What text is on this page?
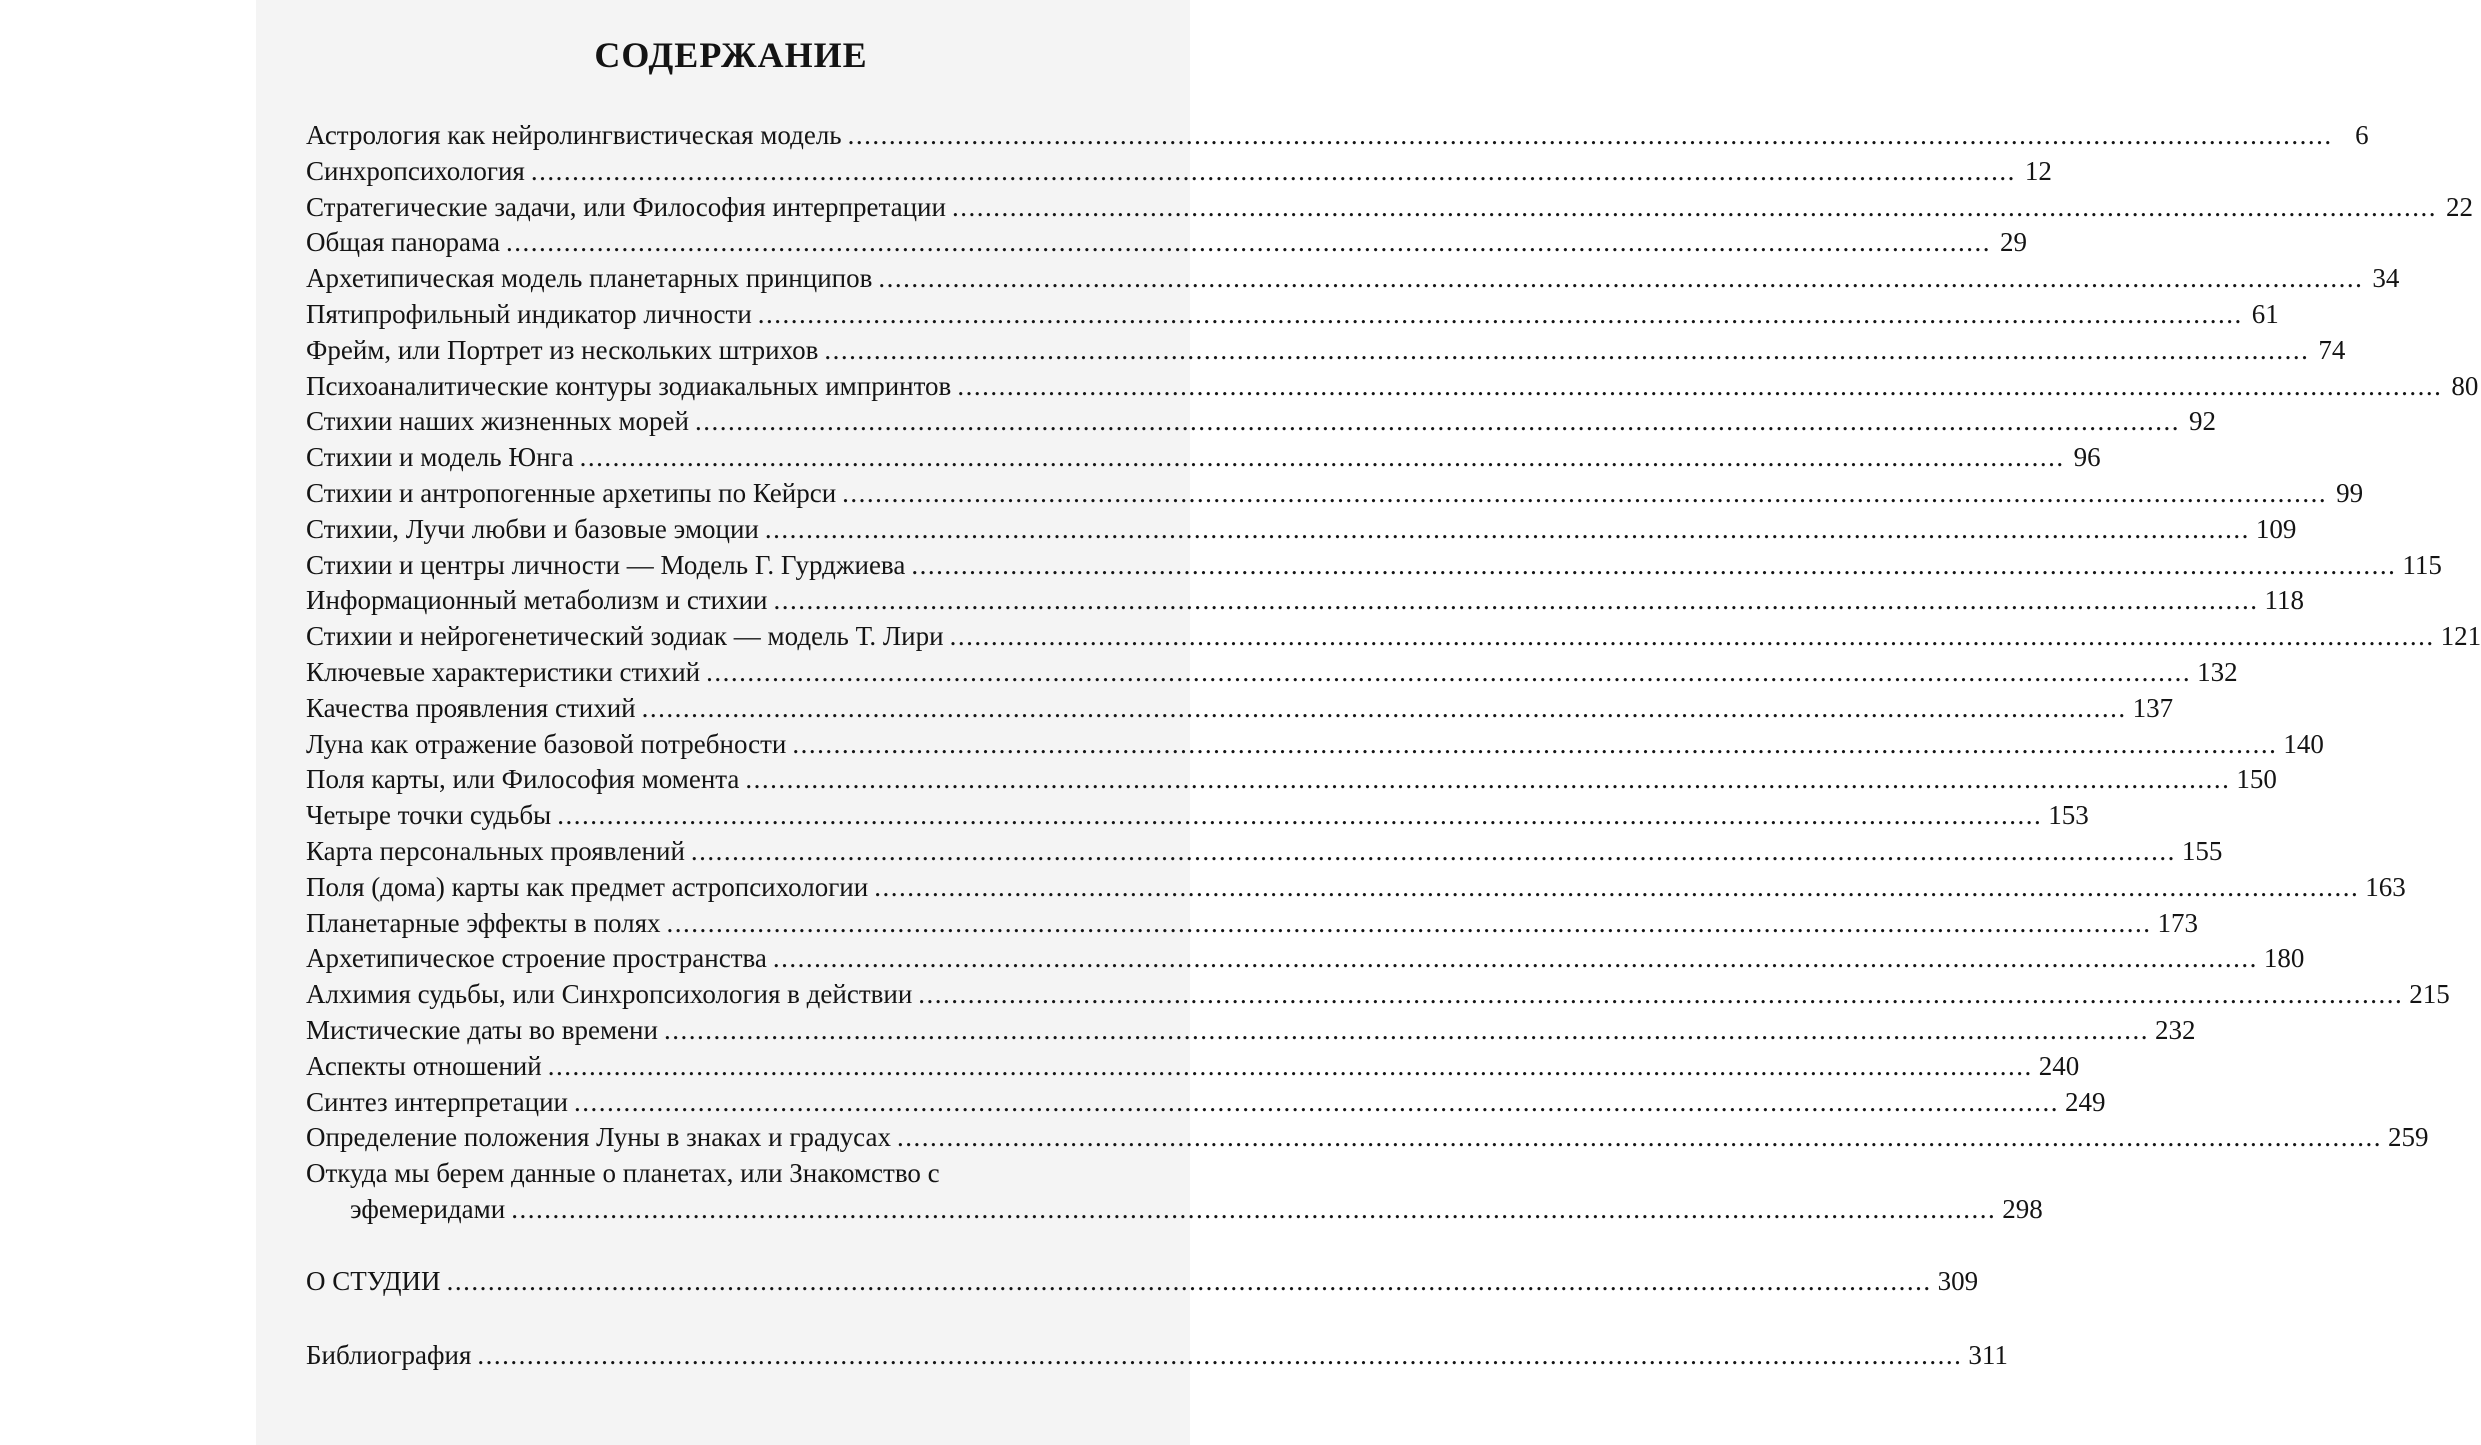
СОДЕРЖАНИЕ
Астрология как нейролингвистическая модель .....	6
Синхропсихология .....	12
Стратегические задачи, или Философия интерпретации .....	22
Общая панорама .....	29
Архетипическая модель планетарных принципов .....	34
Пятипрофильный индикатор личности .....	61
Фрейм, или Портрет из нескольких штрихов .....	74
Психоаналитические контуры зодиакальных импринтов .....	80
Стихии наших жизненных морей .....	92
Стихии и модель Юнга .....	96
Стихии и антропогенные архетипы по Кейрси .....	99
Стихии, Лучи любви и базовые эмоции .....	109
Стихии и центры личности — Модель Г. Гурджиева .....	115
Информационный метаболизм и стихии .....	118
Стихии и нейрогенетический зодиак — модель Т. Лири .....	121
Ключевые характеристики стихий .....	132
Качества проявления стихий .....	137
Луна как отражение базовой потребности .....	140
Поля карты, или Философия момента .....	150
Четыре точки судьбы .....	153
Карта персональных проявлений .....	155
Поля (дома) карты как предмет астропсихологии .....	163
Планетарные эффекты в полях .....	173
Архетипическое строение пространства .....	180
Алхимия судьбы, или Синхропсихология в действии .....	215
Мистические даты во времени .....	232
Аспекты отношений .....	240
Синтез интерпретации .....	249
Определение положения Луны в знаках и градусах .....	259
Откуда мы берем данные о планетах, или Знакомство с
эфемеридами .....	298
О СТУДИИ .....	309
Библиография .....	311
